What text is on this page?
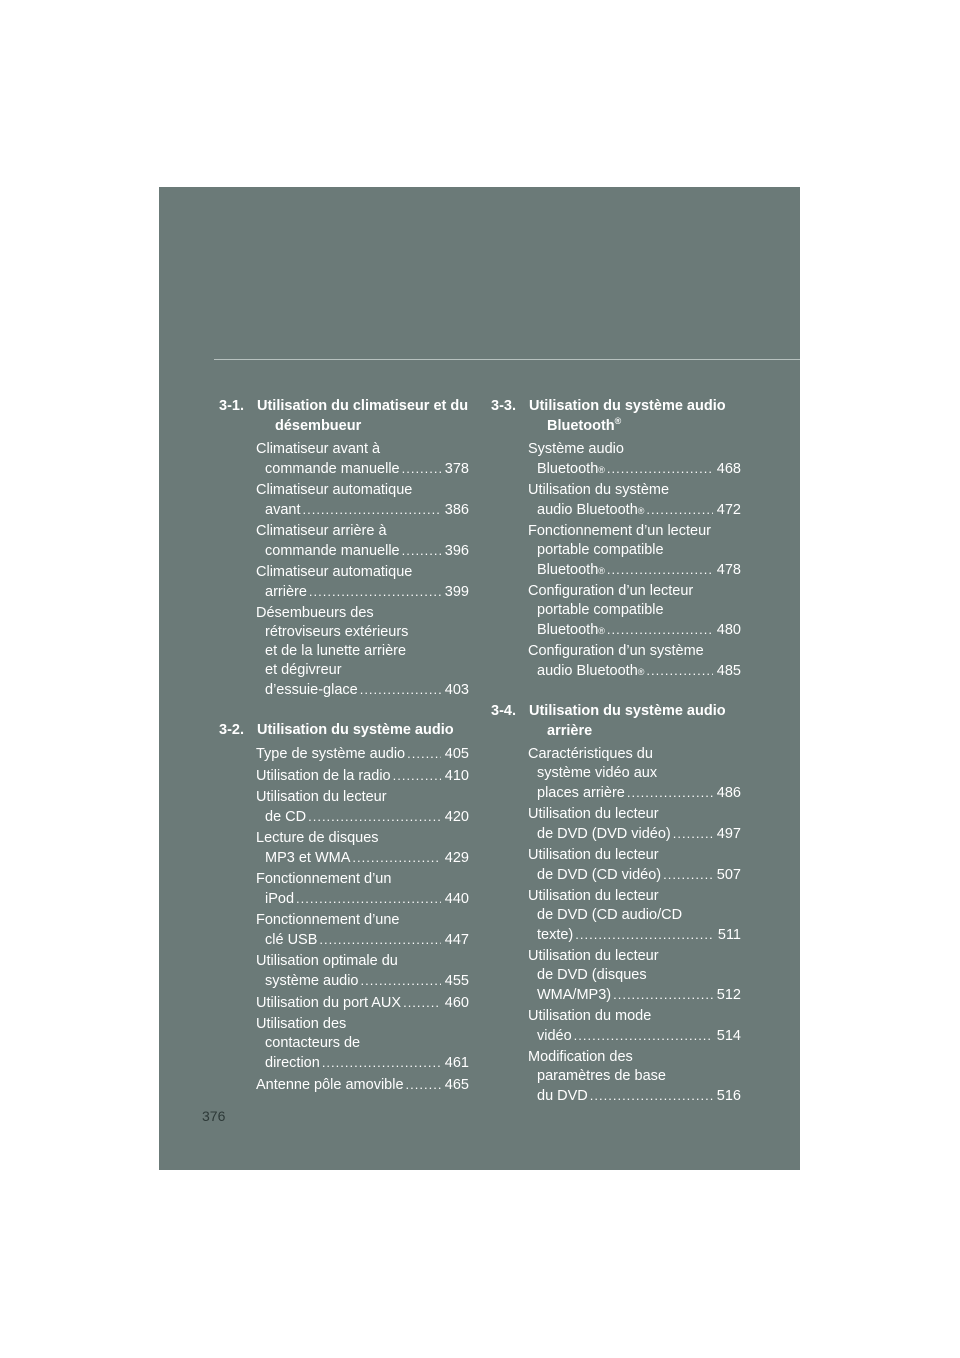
3-1. Utilisation du climatiseur et du désembueur
Climatiseur avant à
commande manuelle .....	378
Climatiseur automatique
avant .....	386
Climatiseur arrière à
commande manuelle .....	396
Climatiseur automatique
arrière .....	399
Désembueurs des
rétroviseurs extérieurs
et de la lunette arrière
et dégivreur
d’essuie-glace .....	403
3-2. Utilisation du système audio
Type de système audio .....	405
Utilisation de la radio .....	410
Utilisation du lecteur
de CD .....	420
Lecture de disques
MP3 et WMA .....	429
Fonctionnement d’un
iPod .....	440
Fonctionnement d’une
clé USB .....	447
Utilisation optimale du
système audio .....	455
Utilisation du port AUX .....	460
Utilisation des
contacteurs de
direction .....	461
Antenne pôle amovible .....	465
3-3. Utilisation du système audio Bluetooth®
Système audio
Bluetooth ® .....	468
Utilisation du système
audio Bluetooth ® .....	472
Fonctionnement d’un lecteur
portable compatible
Bluetooth ® .....	478
Configuration d’un lecteur
portable compatible
Bluetooth ® .....	480
Configuration d’un système
audio Bluetooth ® .....	485
3-4. Utilisation du système audio arrière
Caractéristiques du
système vidéo aux
places arrière .....	486
Utilisation du lecteur
de DVD (DVD vidéo) .....	497
Utilisation du lecteur
de DVD (CD vidéo) .....	507
Utilisation du lecteur
de DVD (CD audio/CD
texte) .....	511
Utilisation du lecteur
de DVD (disques
WMA/MP3) .....	512
Utilisation du mode
vidéo .....	514
Modification des
paramètres de base
du DVD .....	516
376
